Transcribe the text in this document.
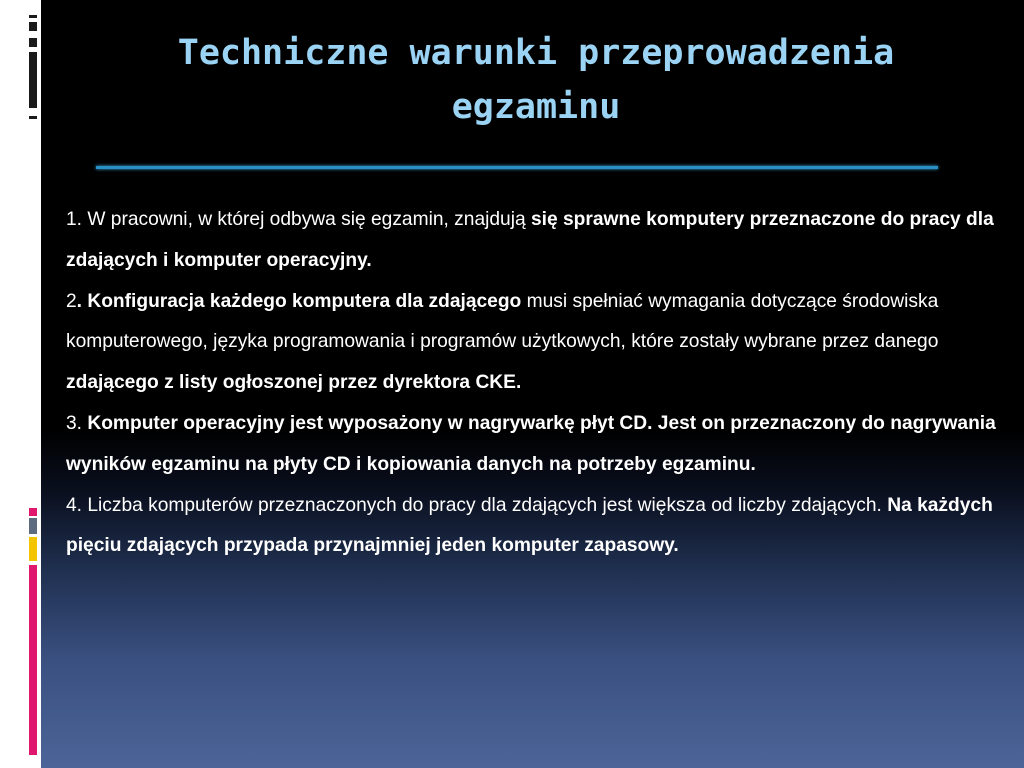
Techniczne warunki przeprowadzenia egzaminu

1. W pracowni, w której odbywa się egzamin, znajdują się sprawne komputery przeznaczone do pracy dla zdających i komputer operacyjny.

2. Konfiguracja każdego komputera dla zdającego musi spełniać wymagania dotyczące środowiska komputerowego, języka programowania i programów użytkowych, które zostały wybrane przez danego zdającego z listy ogłoszonej przez dyrektora CKE.

3. Komputer operacyjny jest wyposażony w nagrywarkę płyt CD. Jest on przeznaczony do nagrywania wyników egzaminu na płyty CD i kopiowania danych na potrzeby egzaminu.

4. Liczba komputerów przeznaczonych do pracy dla zdających jest większa od liczby zdających. Na każdych pięciu zdających przypada przynajmniej jeden komputer zapasowy.
